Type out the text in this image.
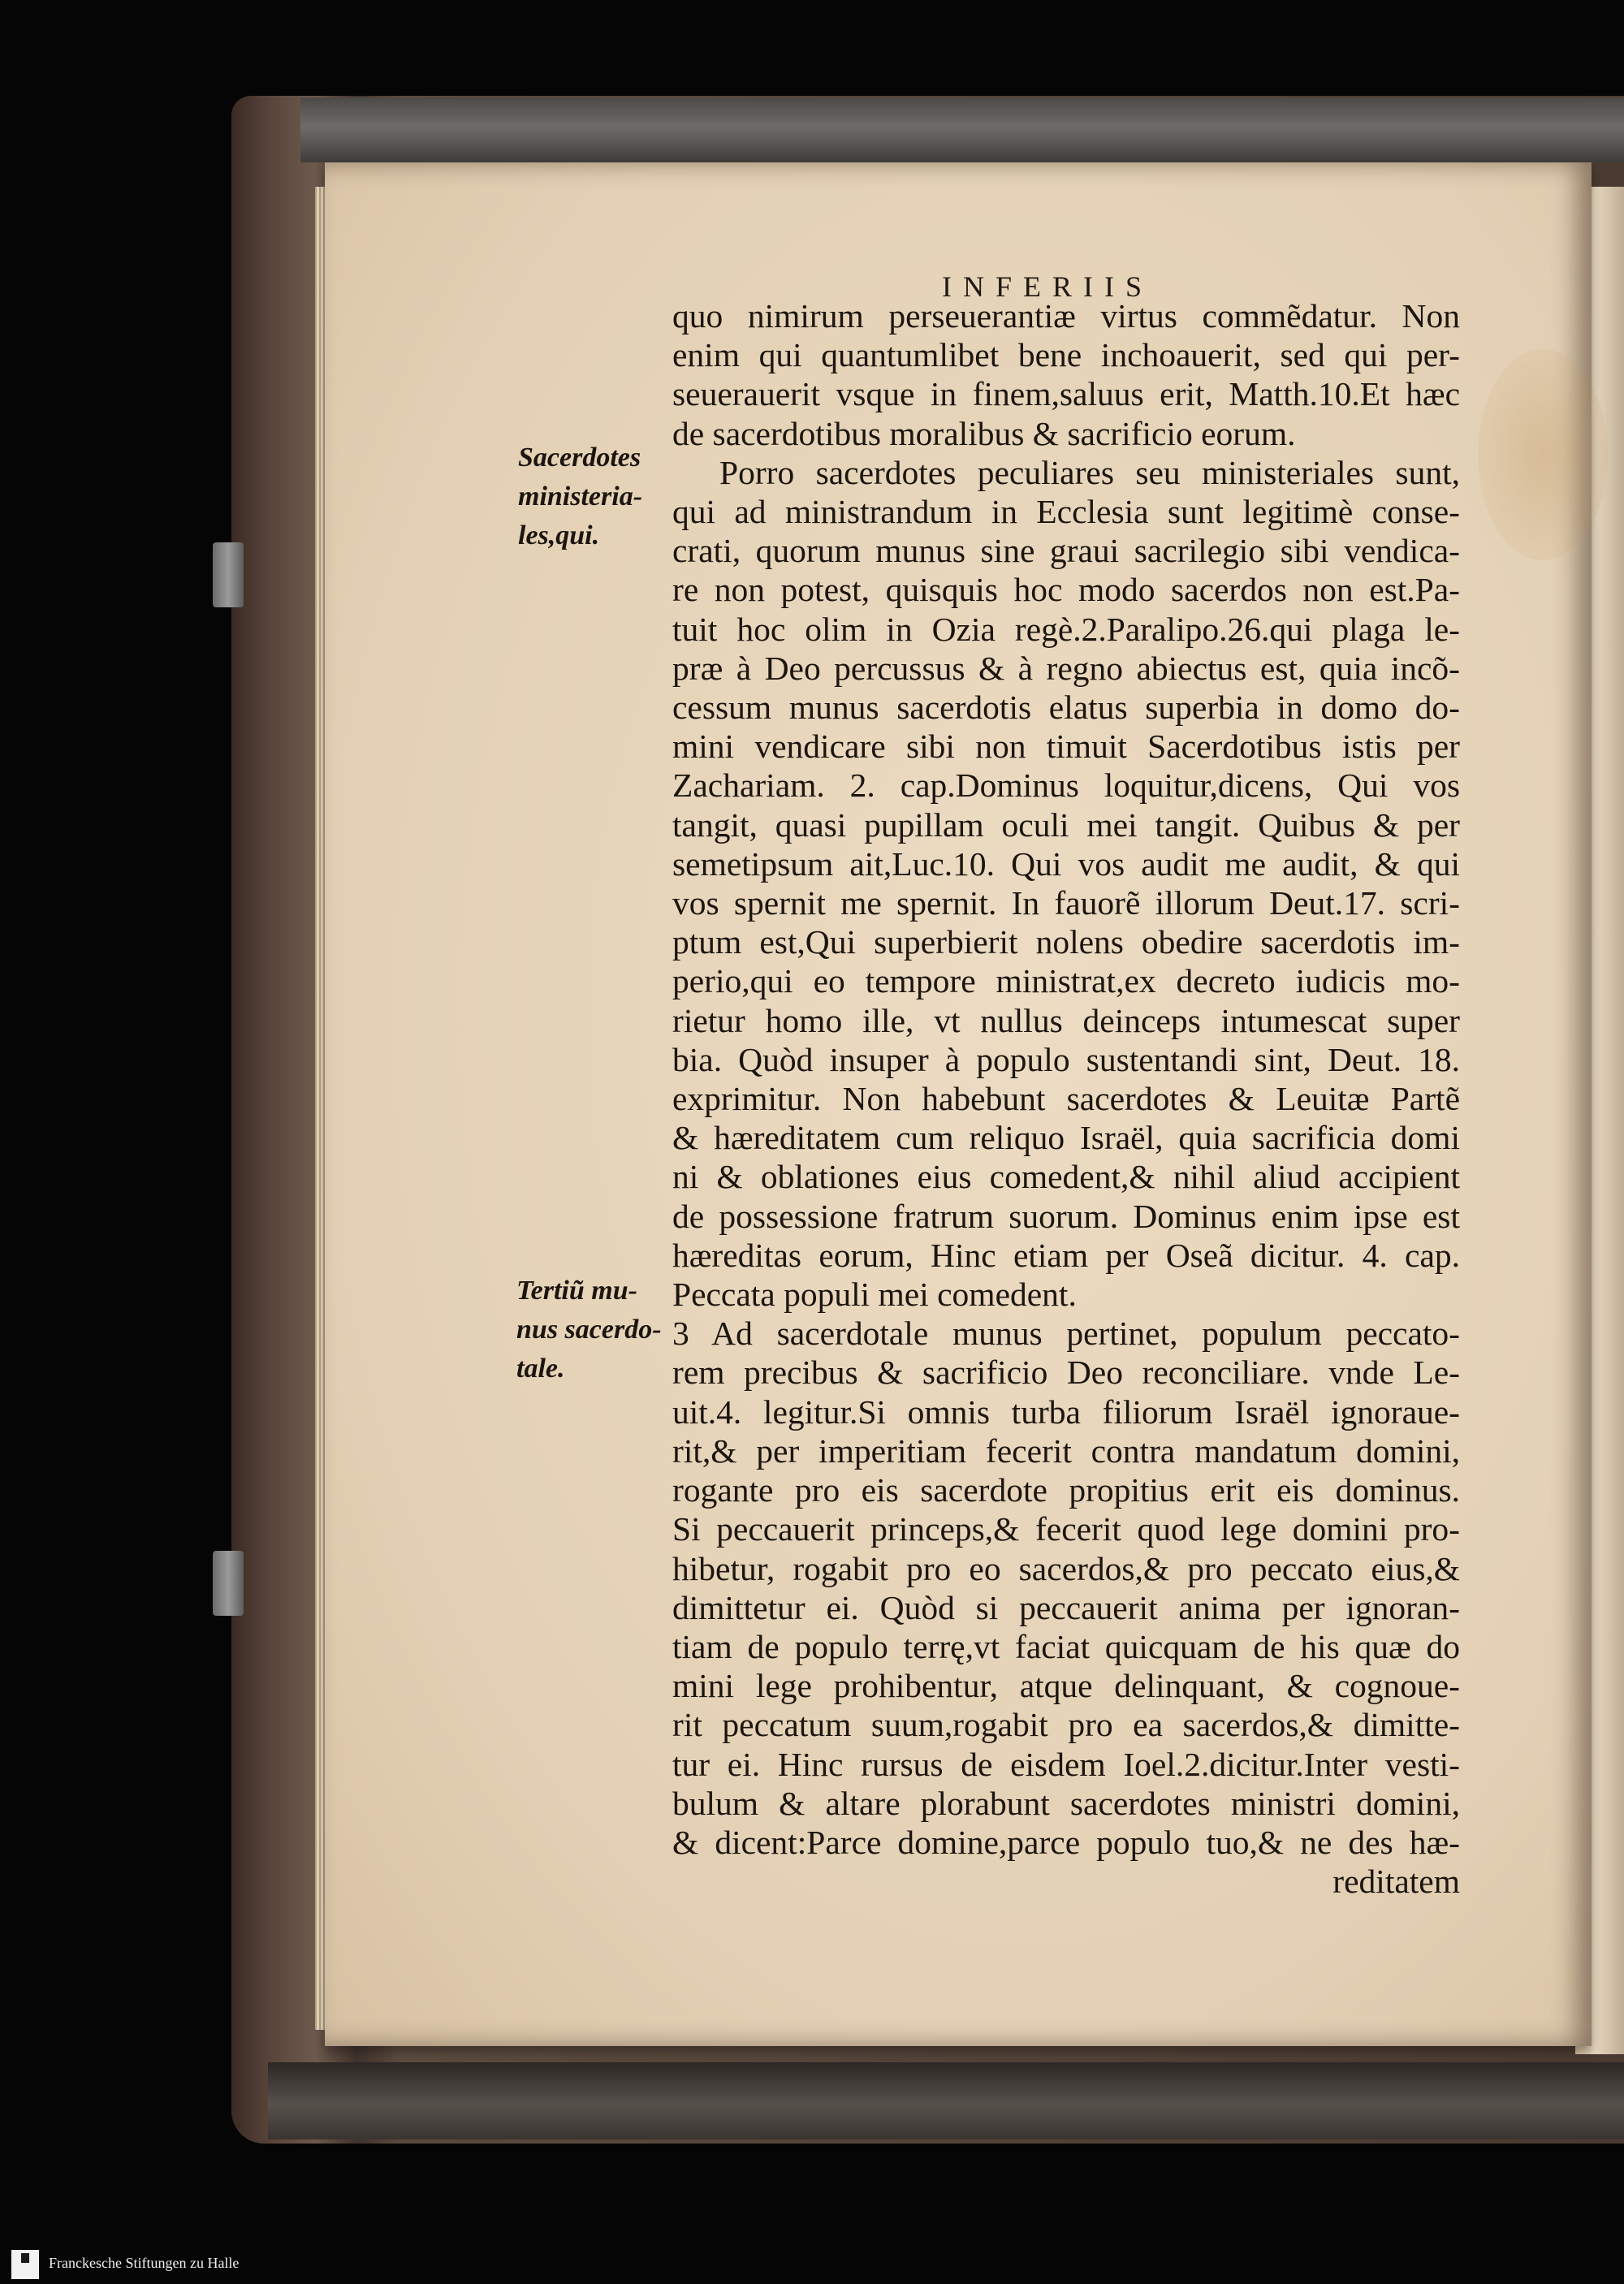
INFERIIS
Sacerdotes
ministeria-
les,qui.
Tertiũ mu-
nus sacerdo-
tale.
quo nimirum perseuerantiæ virtus commẽdatur. Non
enim qui quantumlibet bene inchoauerit, sed qui per-
seuerauerit vsque in finem,saluus erit, Matth.10.Et hæc
de sacerdotibus moralibus & sacrificio eorum.
Porro sacerdotes peculiares seu ministeriales sunt,
qui ad ministrandum in Ecclesia sunt legitimè conse-
crati, quorum munus sine graui sacrilegio sibi vendica-
re non potest, quisquis hoc modo sacerdos non est.Pa-
tuit hoc olim in Ozia regè.2.Paralipo.26.qui plaga le-
præ à Deo percussus & à regno abiectus est, quia incõ-
cessum munus sacerdotis elatus superbia in domo do-
mini vendicare sibi non timuit Sacerdotibus istis per
Zachariam. 2. cap.Dominus loquitur,dicens, Qui vos
tangit, quasi pupillam oculi mei tangit. Quibus & per
semetipsum ait,Luc.10. Qui vos audit me audit, & qui
vos spernit me spernit. In fauorẽ illorum Deut.17. scri-
ptum est,Qui superbierit nolens obedire sacerdotis im-
perio,qui eo tempore ministrat,ex decreto iudicis mo-
rietur homo ille, vt nullus deinceps intumescat super
bia. Quòd insuper à populo sustentandi sint, Deut. 18.
exprimitur. Non habebunt sacerdotes & Leuitæ Partẽ
& hæreditatem cum reliquo Israël, quia sacrificia domi
ni & oblationes eius comedent,& nihil aliud accipient
de possessione fratrum suorum. Dominus enim ipse est
hæreditas eorum, Hinc etiam per Oseã dicitur. 4. cap.
Peccata populi mei comedent.
3 Ad sacerdotale munus pertinet, populum peccato-
rem precibus & sacrificio Deo reconciliare. vnde Le-
uit.4. legitur.Si omnis turba filiorum Israël ignoraue-
rit,& per imperitiam fecerit contra mandatum domini,
rogante pro eis sacerdote propitius erit eis dominus.
Si peccauerit princeps,& fecerit quod lege domini pro-
hibetur, rogabit pro eo sacerdos,& pro peccato eius,&
dimittetur ei. Quòd si peccauerit anima per ignoran-
tiam de populo terrę,vt faciat quicquam de his quæ do
mini lege prohibentur, atque delinquant, & cognoue-
rit peccatum suum,rogabit pro ea sacerdos,& dimitte-
tur ei. Hinc rursus de eisdem Ioel.2.dicitur.Inter vesti-
bulum & altare plorabunt sacerdotes ministri domini,
& dicent:Parce domine,parce populo tuo,& ne des hæ-
reditatem
Franckesche Stiftungen zu Halle
